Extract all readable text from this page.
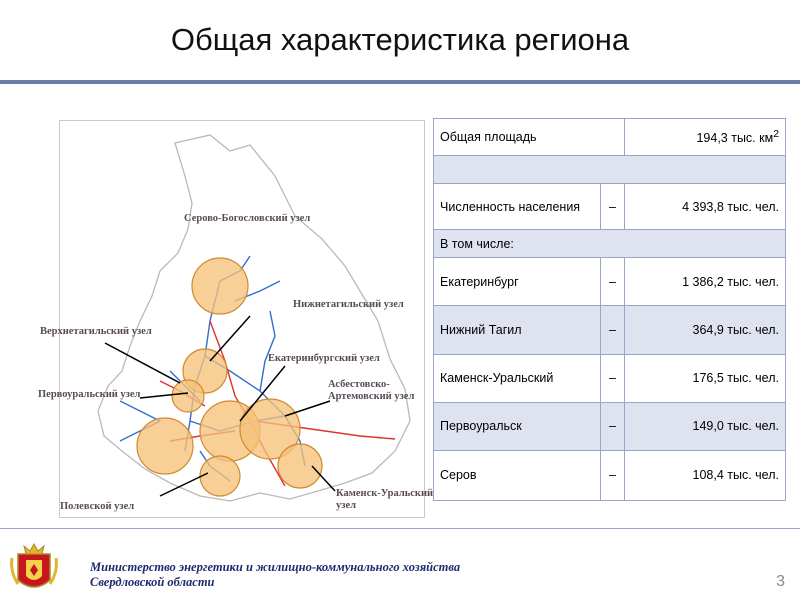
Общая характеристика региона
Серово-Богословский узел
Нижнетагильский узел
Верхнетагильский узел
Екатеринбургский узел
Первоуральский узел
Асбестовско-Артемовский узел
Полевской узел
Каменск-Уральский узел
Общая площадь		194,3 тыс. $км^2$

Численность населения	–	4 393,8 тыс. чел.
В том числе:		
Екатеринбург	–	1 386,2 тыс. чел.
Нижний Тагил	–	364,9 тыс. чел.
Каменск-Уральский	–	176,5 тыс. чел.
Первоуральск	–	149,0 тыс. чел.
Серов	–	108,4 тыс. чел.
Министерство энергетики и жилищно-коммунального хозяйства
Свердловской области	3
